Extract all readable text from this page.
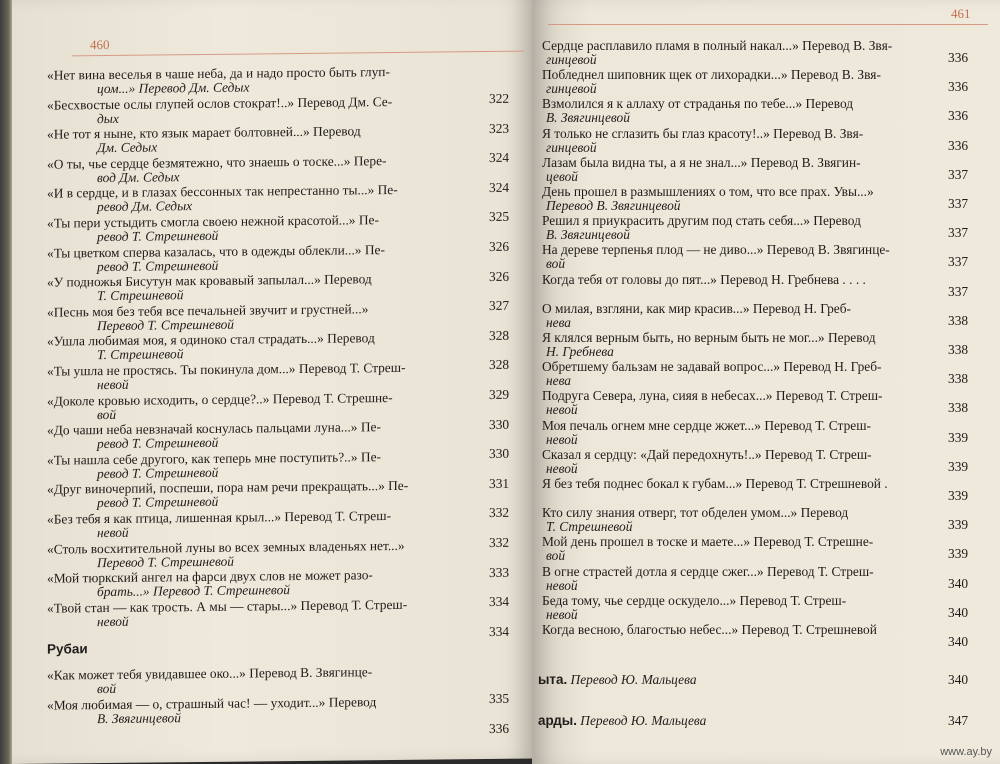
460
«Нет вина веселья в чаше неба, да и надо просто быть глуп-
цом...» Перевод Дм. Седых
322
«Бесхвостые ослы глупей ослов стократ!..» Перевод Дм. Се-
дых
323
«Не тот я ныне, кто язык марает болтовней...» Перевод
Дм. Седых
324
«О ты, чье сердце безмятежно, что знаешь о тоске...» Пере-
вод Дм. Седых
324
«И в сердце, и в глазах бессонных так непрестанно ты...» Пе-
ревод Дм. Седых
325
«Ты пери устыдить смогла своею нежной красотой...» Пе-
ревод Т. Стрешневой
326
«Ты цветком сперва казалась, что в одежды облекли...» Пе-
ревод Т. Стрешневой
326
«У подножья Бисутун мак кровавый запылал...» Перевод
Т. Стрешневой
327
«Песнь моя без тебя все печальней звучит и грустней...»
Перевод Т. Стрешневой
328
«Ушла любимая моя, я одиноко стал страдать...» Перевод
Т. Стрешневой
328
«Ты ушла не простясь. Ты покинула дом...» Перевод Т. Стреш-
невой
329
«Доколе кровью исходить, о сердце?..» Перевод Т. Стрешне-
вой
330
«До чаши неба невзначай коснулась пальцами луна...» Пе-
ревод Т. Стрешневой
330
«Ты нашла себе другого, как теперь мне поступить?..» Пе-
ревод Т. Стрешневой
331
«Друг виночерпий, поспеши, пора нам речи прекращать...» Пе-
ревод Т. Стрешневой
332
«Без тебя я как птица, лишенная крыл...» Перевод Т. Стреш-
невой
332
«Столь восхитительной луны во всех земных владеньях нет...»
Перевод Т. Стрешневой
333
«Мой тюркский ангел на фарси двух слов не может разо-
брать...» Перевод Т. Стрешневой
334
«Твой стан — как трость. А мы — стары...» Перевод Т. Стреш-
невой
334
Рубаи
«Как может тебя увидавшее око...» Перевод В. Звягинце-
вой
335
«Моя любимая — о, страшный час! — уходит...» Перевод
В. Звягинцевой
336
461
Сердце расплавило пламя в полный накал...» Перевод В. Звя-
гинцевой	336
Побледнел шиповник щек от лихорадки...» Перевод В. Звя-
гинцевой	336
Взмолился я к аллаху от страданья по тебе...» Перевод
В. Звягинцевой	336
Я только не сглазить бы глаз красоту!..» Перевод В. Звя-
гинцевой	336
Лазам была видна ты, а я не знал...» Перевод В. Звягин-
цевой	337
День прошел в размышлениях о том, что все прах. Увы...»
Перевод В. Звягинцевой	337
Решил я приукрасить другим под стать себя...» Перевод
В. Звягинцевой	337
На дереве терпенья плод — не диво...» Перевод В. Звягинце-
вой	337
Когда тебя от головы до пят...» Перевод Н. Гребнева . . . .
337
О милая, взгляни, как мир красив...» Перевод Н. Греб-
нева	338
Я клялся верным быть, но верным быть не мог...» Перевод
Н. Гребнева	338
Обретшему бальзам не задавай вопрос...» Перевод Н. Греб-
нева	338
Подруга Севера, луна, сияя в небесах...» Перевод Т. Стреш-
невой	338
Моя печаль огнем мне сердце жжет...» Перевод Т. Стреш-
невой	339
Сказал я сердцу: «Дай передохнуть!..» Перевод Т. Стреш-
невой	339
Я без тебя поднес бокал к губам...» Перевод Т. Стрешневой .
339
Кто силу знания отверг, тот обделен умом...» Перевод
Т. Стрешневой	339
Мой день прошел в тоске и маете...» Перевод Т. Стрешне-
вой	339
В огне страстей дотла я сердце сжег...» Перевод Т. Стреш-
невой	340
Беда тому, чье сердце оскудело...» Перевод Т. Стреш-
невой	340
Когда весною, благостью небес...» Перевод Т. Стрешневой
340
ыта. Перевод Ю. Мальцева	340
арды. Перевод Ю. Мальцева	347
www.ay.by
